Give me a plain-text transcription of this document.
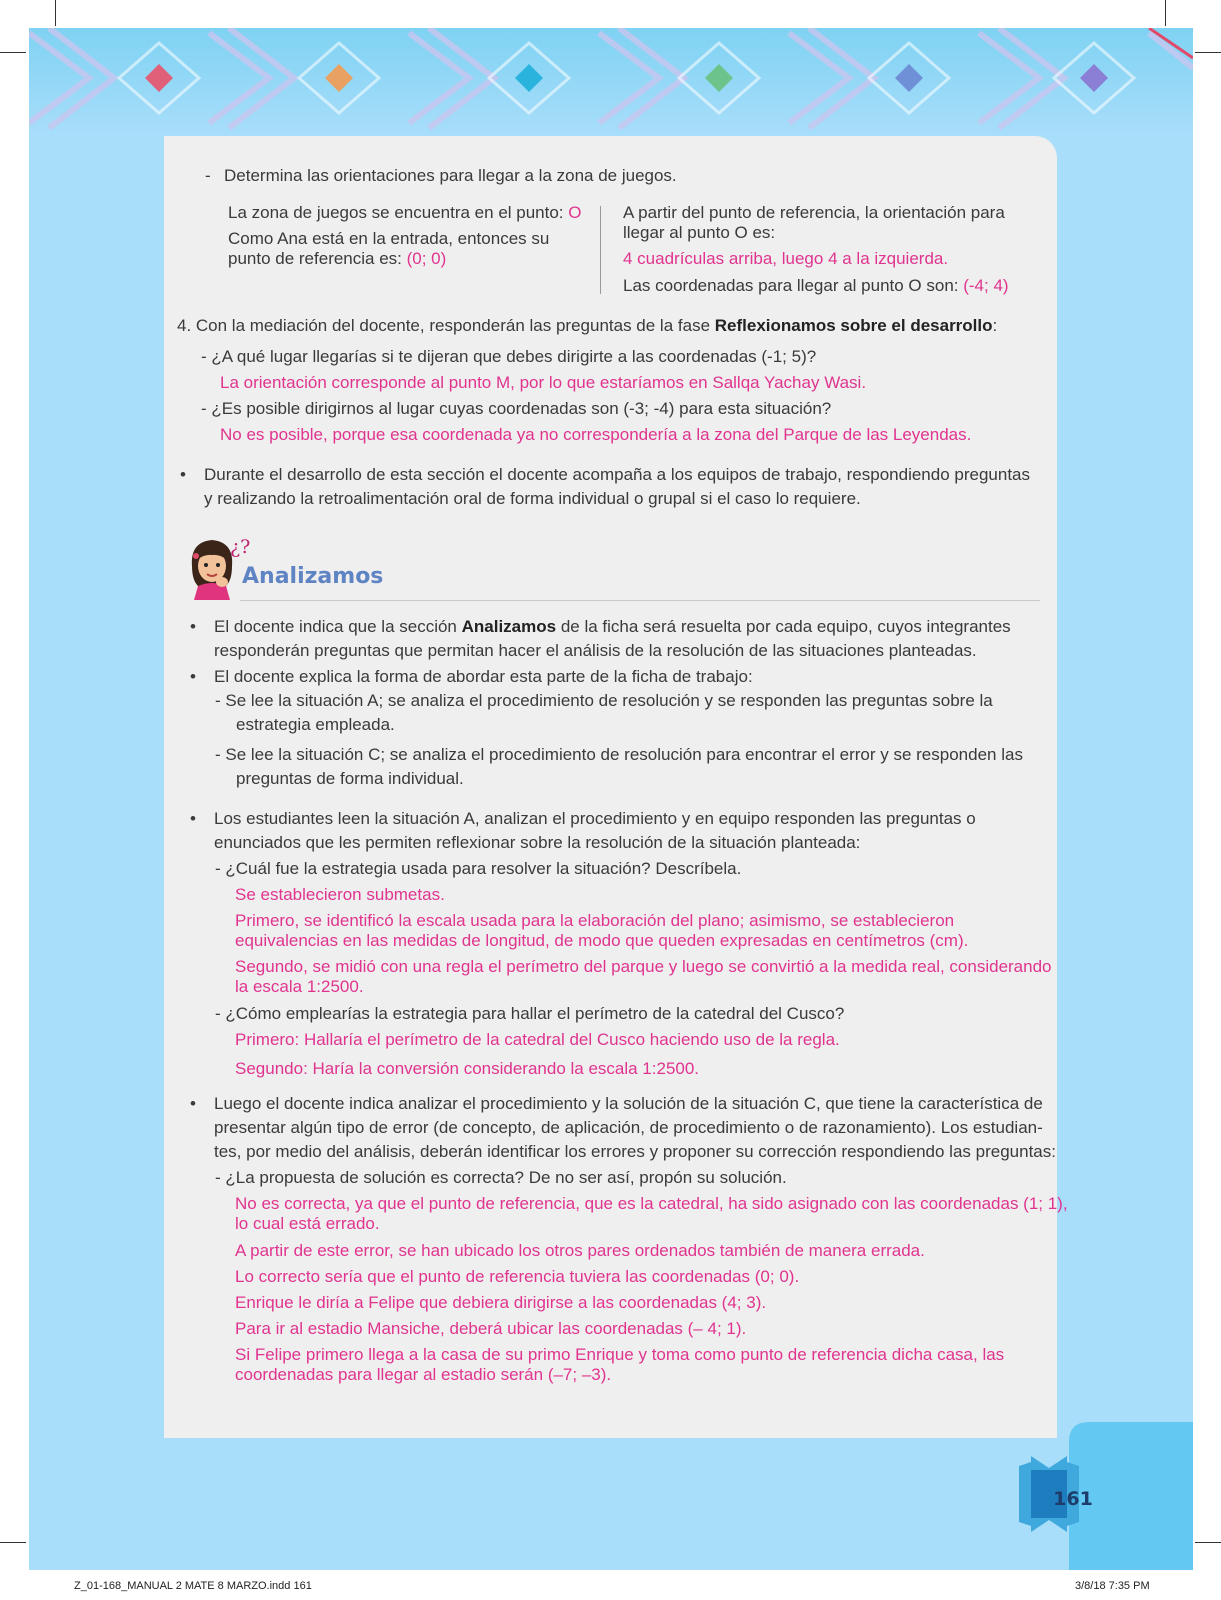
- Determina las orientaciones para llegar a la zona de juegos.
La zona de juegos se encuentra en el punto: O
Como Ana está en la entrada, entonces su
punto de referencia es: (0; 0)
A partir del punto de referencia, la orientación para
llegar al punto O es:
4 cuadrículas arriba, luego 4 a la izquierda.
Las coordenadas para llegar al punto O son: (-4; 4)
4. Con la mediación del docente, responderán las preguntas de la fase Reflexionamos sobre el desarrollo:
- ¿A qué lugar llegarías si te dijeran que debes dirigirte a las coordenadas (-1; 5)?
La orientación corresponde al punto M, por lo que estaríamos en Sallqa Yachay Wasi.
- ¿Es posible dirigirnos al lugar cuyas coordenadas son (-3; -4) para esta situación?
No es posible, porque esa coordenada ya no correspondería a la zona del Parque de las Leyendas.
• Durante el desarrollo de esta sección el docente acompaña a los equipos de trabajo, respondiendo preguntas
y realizando la retroalimentación oral de forma individual o grupal si el caso lo requiere.
¿?
Analizamos
• El docente indica que la sección Analizamos de la ficha será resuelta por cada equipo, cuyos integrantes
responderán preguntas que permitan hacer el análisis de la resolución de las situaciones planteadas.
• El docente explica la forma de abordar esta parte de la ficha de trabajo:
- Se lee la situación A; se analiza el procedimiento de resolución y se responden las preguntas sobre la
estrategia empleada.
- Se lee la situación C; se analiza el procedimiento de resolución para encontrar el error y se responden las
preguntas de forma individual.
• Los estudiantes leen la situación A, analizan el procedimiento y en equipo responden las preguntas o
enunciados que les permiten reflexionar sobre la resolución de la situación planteada:
- ¿Cuál fue la estrategia usada para resolver la situación? Descríbela.
Se establecieron submetas.
Primero, se identificó la escala usada para la elaboración del plano; asimismo, se establecieron
equivalencias en las medidas de longitud, de modo que queden expresadas en centímetros (cm).
Segundo, se midió con una regla el perímetro del parque y luego se convirtió a la medida real, considerando
la escala 1:2500.
- ¿Cómo emplearías la estrategia para hallar el perímetro de la catedral del Cusco?
Primero: Hallaría el perímetro de la catedral del Cusco haciendo uso de la regla.
Segundo: Haría la conversión considerando la escala 1:2500.
• Luego el docente indica analizar el procedimiento y la solución de la situación C, que tiene la característica de
presentar algún tipo de error (de concepto, de aplicación, de procedimiento o de razonamiento). Los estudian-
tes, por medio del análisis, deberán identificar los errores y proponer su corrección respondiendo las preguntas:
- ¿La propuesta de solución es correcta? De no ser así, propón su solución.
No es correcta, ya que el punto de referencia, que es la catedral, ha sido asignado con las coordenadas (1; 1),
lo cual está errado.
A partir de este error, se han ubicado los otros pares ordenados también de manera errada.
Lo correcto sería que el punto de referencia tuviera las coordenadas (0; 0).
Enrique le diría a Felipe que debiera dirigirse a las coordenadas (4; 3).
Para ir al estadio Mansiche, deberá ubicar las coordenadas (– 4; 1).
Si Felipe primero llega a la casa de su primo Enrique y toma como punto de referencia dicha casa, las
coordenadas para llegar al estadio serán (–7; –3).
161
Z_01-168_MANUAL 2 MATE 8 MARZO.indd 161	3/8/18 7:35 PM
